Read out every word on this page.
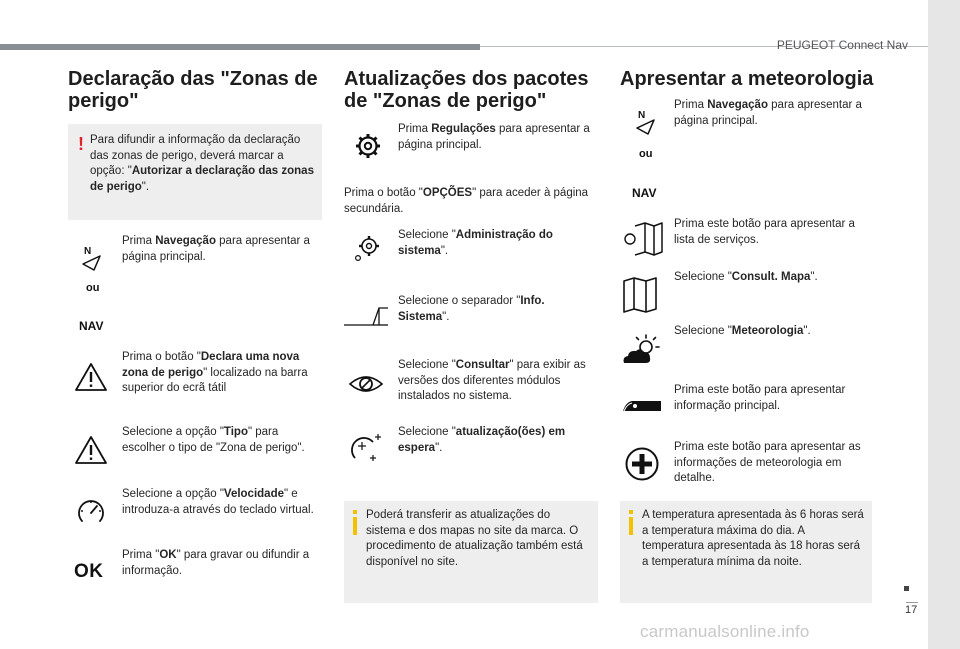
PEUGEOT Connect Nav
17
carmanualsonline.info
Declaração das "Zonas de perigo"
! Para difundir a informação da declaração das zonas de perigo, deverá marcar a opção: "Autorizar a declaração das zonas de perigo".
N
ou
NAV
Prima Navegação para apresentar a página principal.
Prima o botão "Declara uma nova zona de perigo" localizado na barra superior do ecrã tátil
Selecione a opção "Tipo" para escolher o tipo de "Zona de perigo".
Selecione a opção "Velocidade" e introduza-a através do teclado virtual.
OK
Prima "OK" para gravar ou difundir a informação.
Atualizações dos pacotes de "Zonas de perigo"
Prima Regulações para apresentar a página principal.
Prima o botão "OPÇÕES" para aceder à página secundária.
Selecione "Administração do sistema".
Selecione o separador "Info. Sistema".
Selecione "Consultar" para exibir as versões dos diferentes módulos instalados no sistema.
Selecione "atualização(ões) em espera".
Poderá transferir as atualizações do sistema e dos mapas no site da marca. O procedimento de atualização também está disponível no site.
Apresentar a meteorologia
N
ou
NAV
Prima Navegação para apresentar a página principal.
Prima este botão para apresentar a lista de serviços.
Selecione "Consult. Mapa".
Selecione "Meteorologia".
Prima este botão para apresentar informação principal.
Prima este botão para apresentar as informações de meteorologia em detalhe.
A temperatura apresentada às 6 horas será a temperatura máxima do dia. A temperatura apresentada às 18 horas será a temperatura mínima da noite.
